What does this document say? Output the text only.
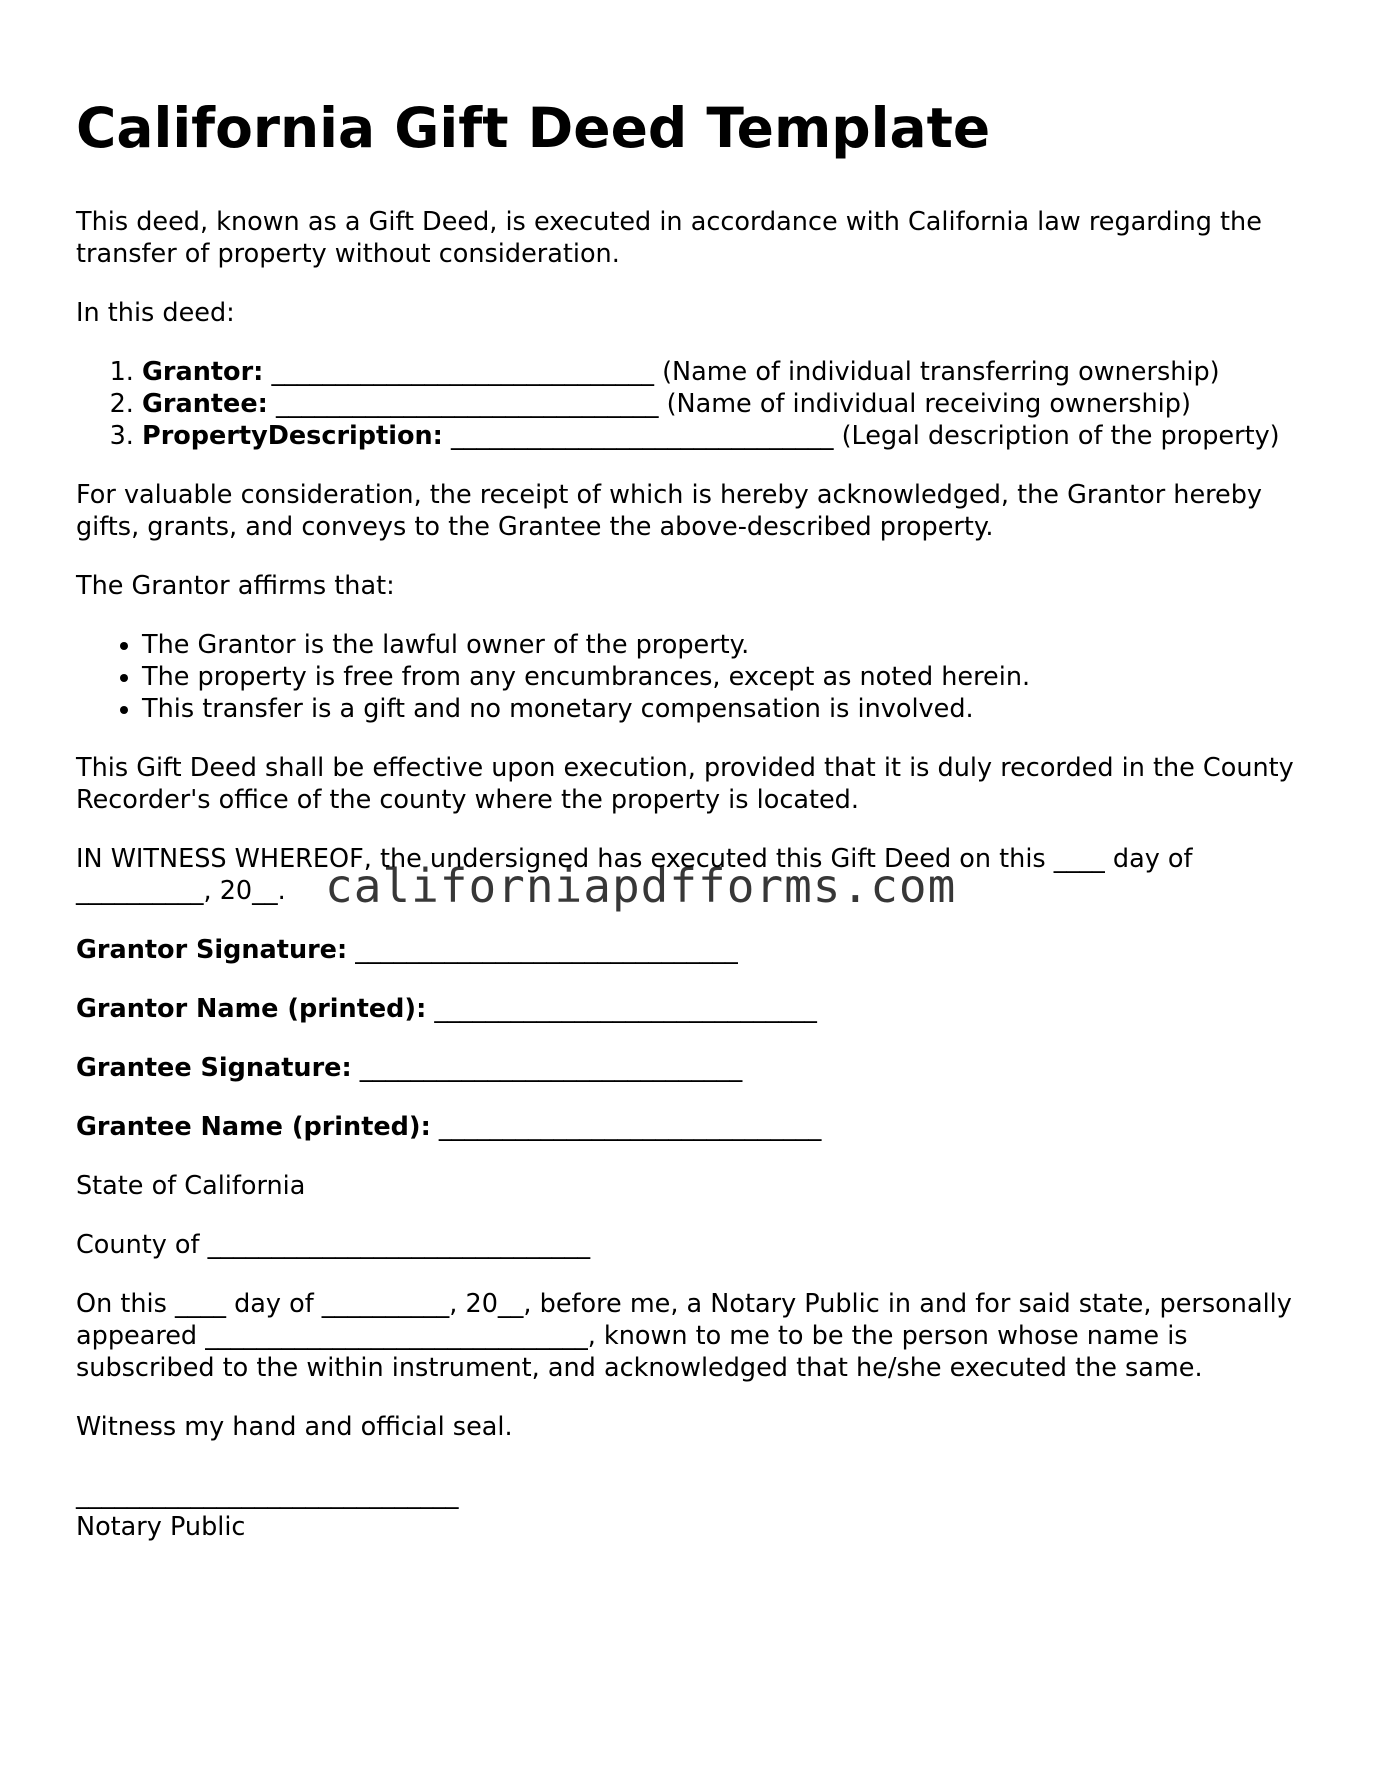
California Gift Deed Template

This deed, known as a Gift Deed, is executed in accordance with California law regarding the transfer of property without consideration.

In this deed:

1. Grantor: ______________________________ (Name of individual transferring ownership)
2. Grantee: ______________________________ (Name of individual receiving ownership)
3. PropertyDescription: ______________________________ (Legal description of the property)

For valuable consideration, the receipt of which is hereby acknowledged, the Grantor hereby gifts, grants, and conveys to the Grantee the above-described property.

The Grantor affirms that:

• The Grantor is the lawful owner of the property.
• The property is free from any encumbrances, except as noted herein.
• This transfer is a gift and no monetary compensation is involved.

This Gift Deed shall be effective upon execution, provided that it is duly recorded in the County Recorder's office of the county where the property is located.

IN WITNESS WHEREOF, the undersigned has executed this Gift Deed on this ____ day of __________, 20__.

Grantor Signature: ______________________________

Grantor Name (printed): ______________________________

Grantee Signature: ______________________________

Grantee Name (printed): ______________________________

State of California

County of ______________________________

On this ____ day of __________, 20__, before me, a Notary Public in and for said state, personally appeared ______________________________, known to me to be the person whose name is subscribed to the within instrument, and acknowledged that he/she executed the same.

Witness my hand and official seal.

______________________________

Notary Public

californiapdfforms.com
